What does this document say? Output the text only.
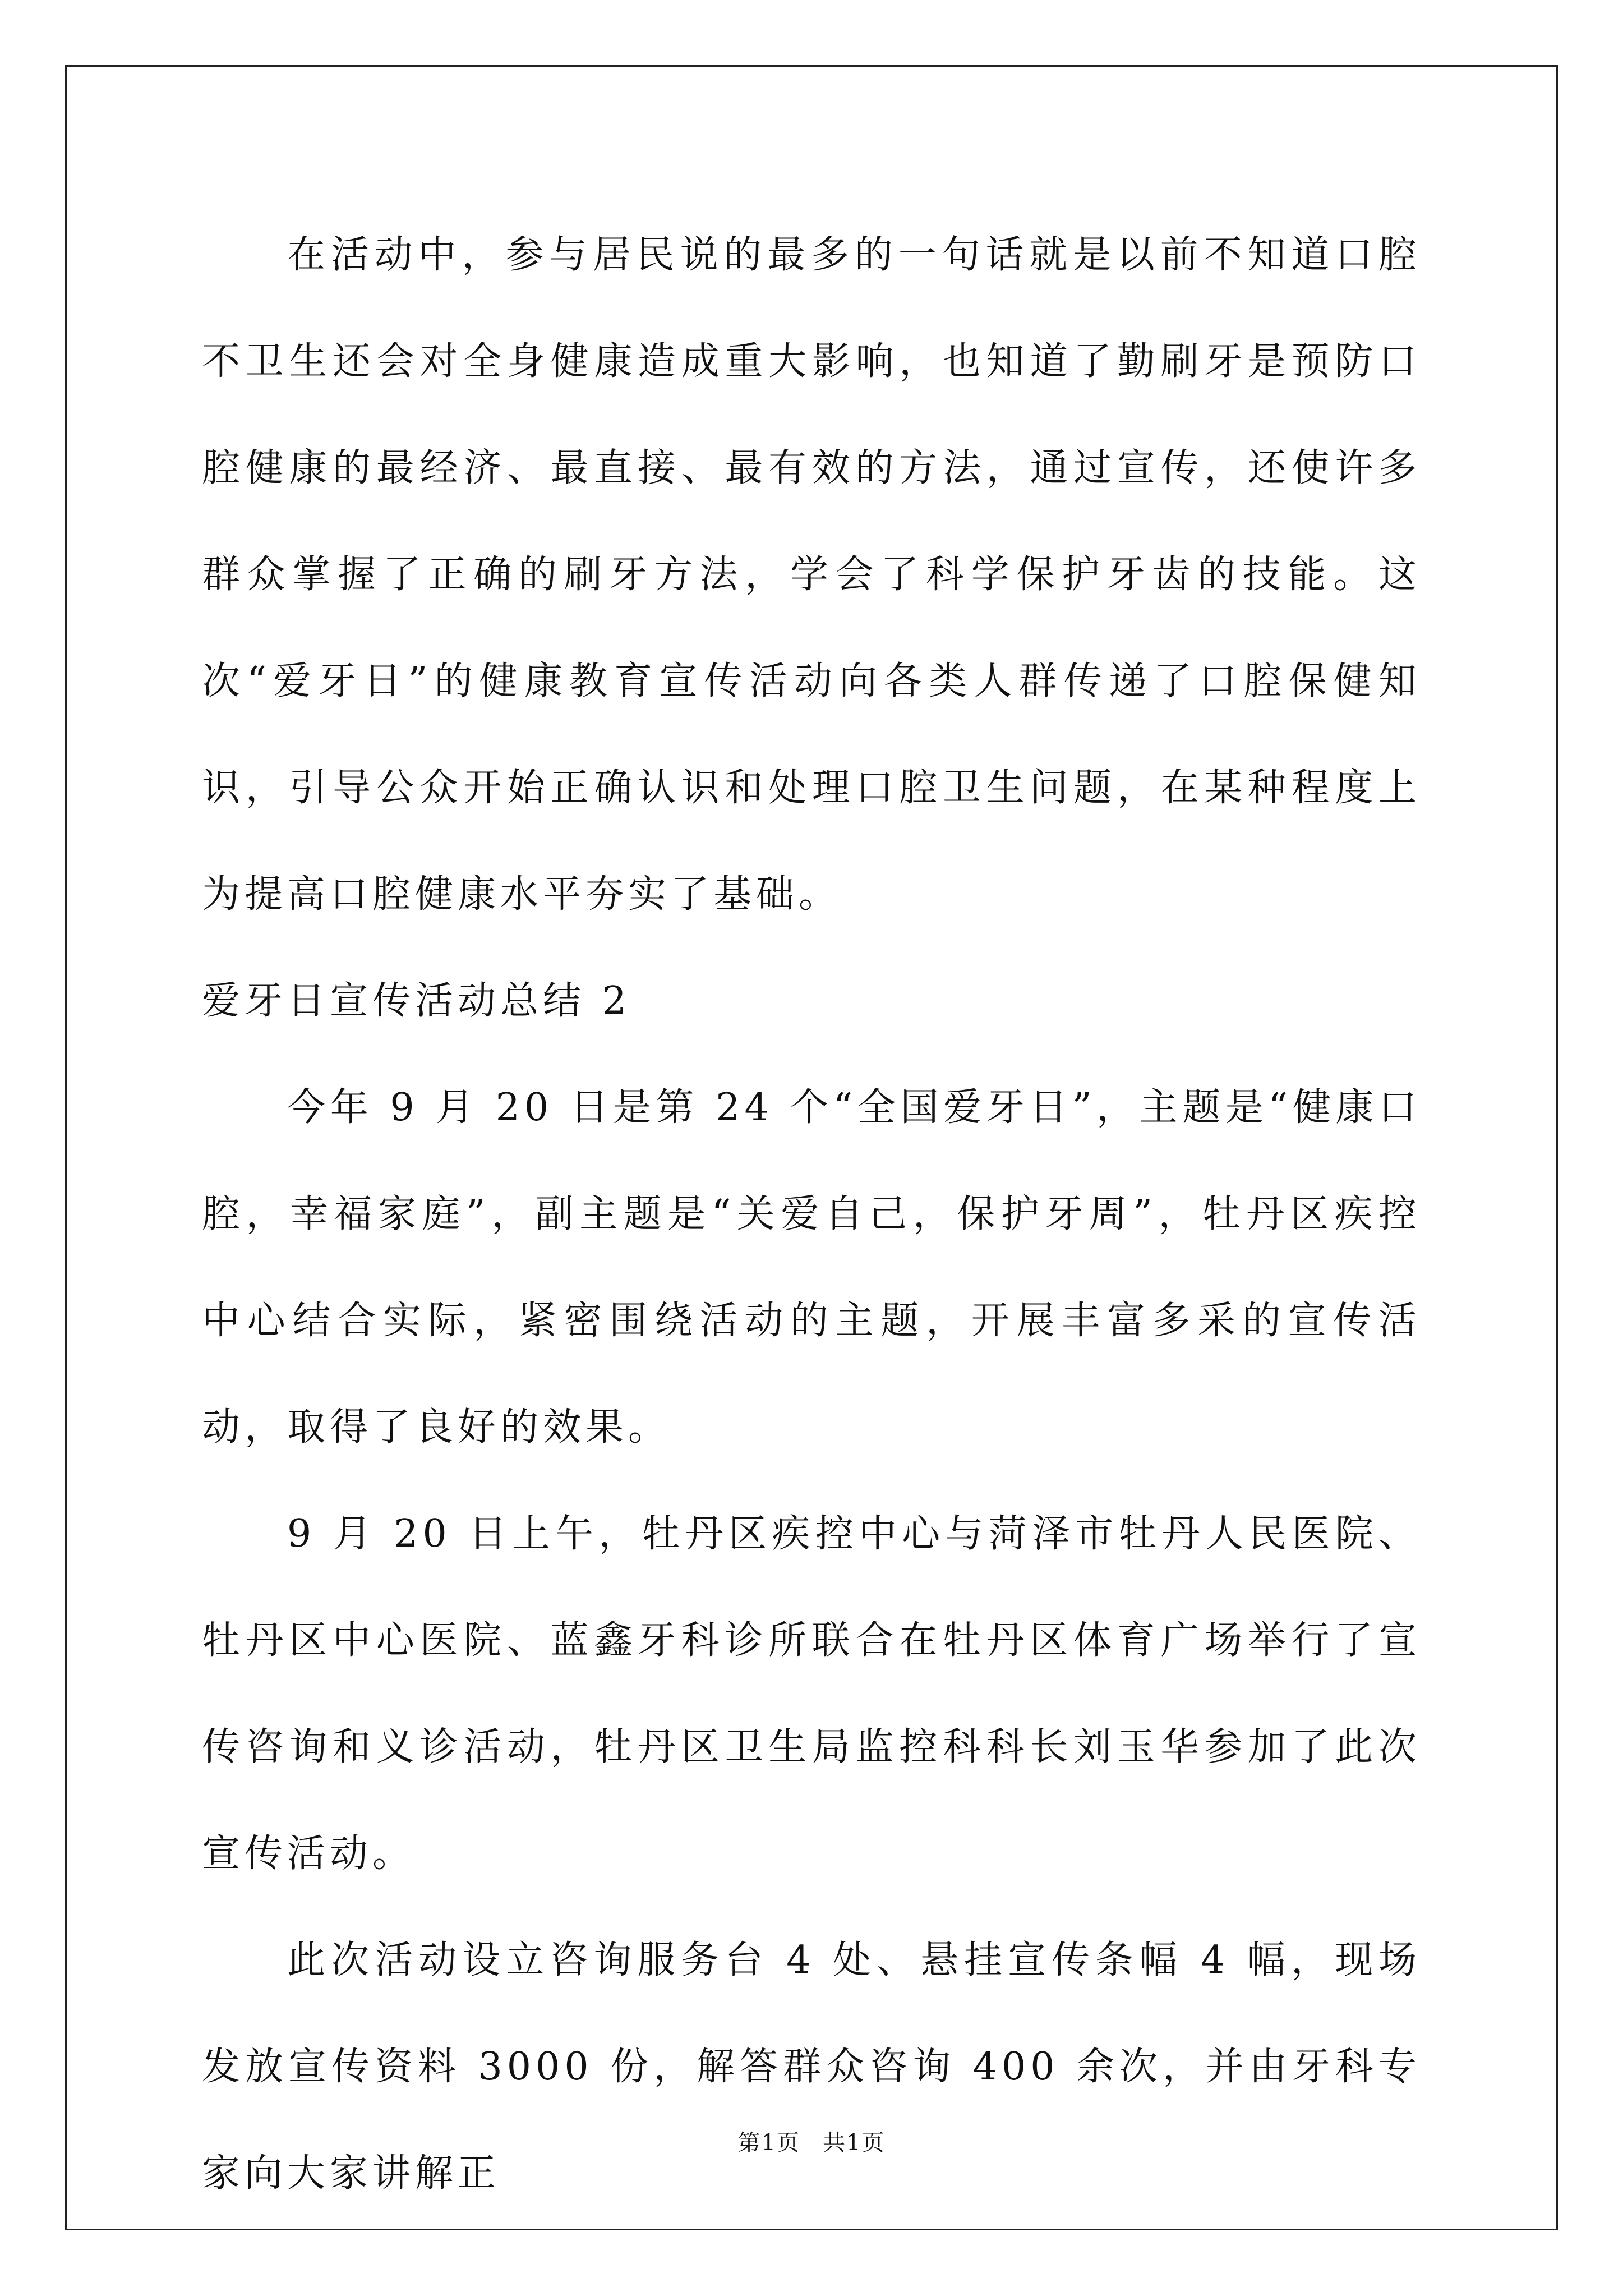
在活动中，参与居民说的最多的一句话就是以前不知道口腔不卫生还会对全身健康造成重大影响，也知道了勤刷牙是预防口腔健康的最经济、最直接、最有效的方法，通过宣传，还使许多群众掌握了正确的刷牙方法，学会了科学保护牙齿的技能。这次“爱牙日”的健康教育宣传活动向各类人群传递了口腔保健知识，引导公众开始正确认识和处理口腔卫生问题，在某种程度上为提高口腔健康水平夯实了基础。

爱牙日宣传活动总结 2

今年 9 月 20 日是第 24 个“全国爱牙日”，主题是“健康口腔，幸福家庭”，副主题是“关爱自己，保护牙周”，牡丹区疾控中心结合实际，紧密围绕活动的主题，开展丰富多采的宣传活动，取得了良好的效果。

9 月 20 日上午，牡丹区疾控中心与菏泽市牡丹人民医院、牡丹区中心医院、蓝鑫牙科诊所联合在牡丹区体育广场举行了宣传咨询和义诊活动，牡丹区卫生局监控科科长刘玉华参加了此次宣传活动。

此次活动设立咨询服务台 4 处、悬挂宣传条幅 4 幅，现场发放宣传资料 3000 份，解答群众咨询 400 余次，并由牙科专家向大家讲解正

第1页 共1页
